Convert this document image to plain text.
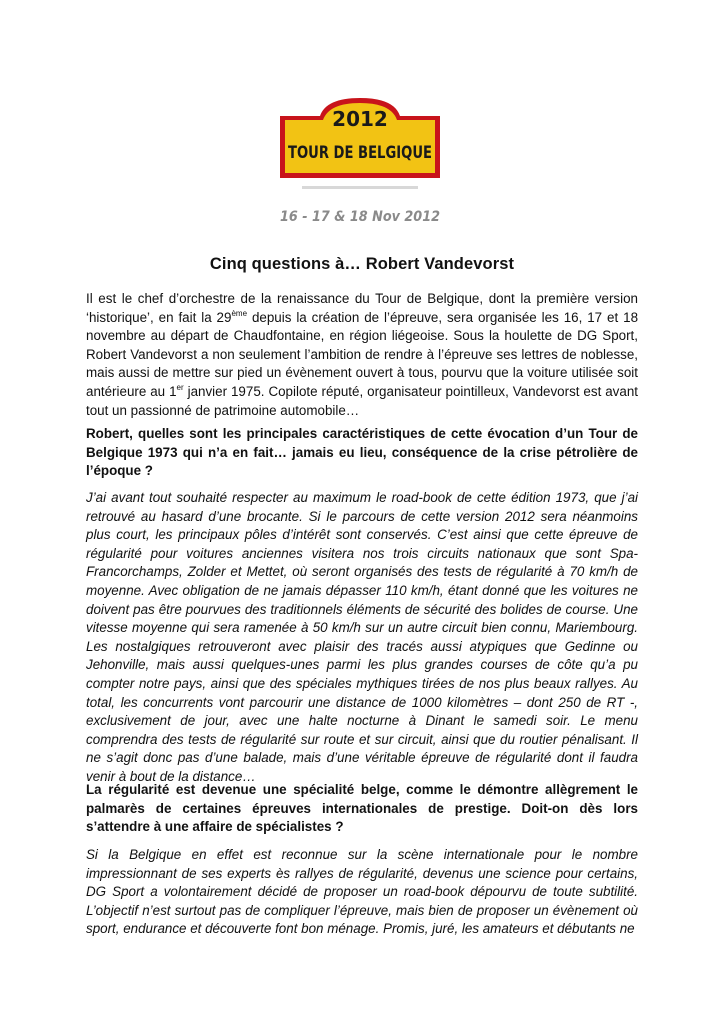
2012
TOUR DE BELGIQUE
16 - 17 & 18 Nov 2012
Cinq questions à… Robert Vandevorst

Il est le chef d’orchestre de la renaissance du Tour de Belgique, dont la première version ‘historique’, en fait la 29ème depuis la création de l’épreuve, sera organisée les 16, 17 et 18 novembre au départ de Chaudfontaine, en région liégeoise. Sous la houlette de DG Sport, Robert Vandevorst a non seulement l’ambition de rendre à l’épreuve ses lettres de noblesse, mais aussi de mettre sur pied un évènement ouvert à tous, pourvu que la voiture utilisée soit antérieure au 1er janvier 1975. Copilote réputé, organisateur pointilleux, Vandevorst est avant tout un passionné de patrimoine automobile…

Robert, quelles sont les principales caractéristiques de cette évocation d’un Tour de Belgique 1973 qui n’a en fait… jamais eu lieu, conséquence de la crise pétrolière de l’époque ?

J’ai avant tout souhaité respecter au maximum le road-book de cette édition 1973, que j’ai retrouvé au hasard d’une brocante. Si le parcours de cette version 2012 sera néanmoins plus court, les principaux pôles d’intérêt sont conservés. C’est ainsi que cette épreuve de régularité pour voitures anciennes visitera nos trois circuits nationaux que sont Spa-Francorchamps, Zolder et Mettet, où seront organisés des tests de régularité à 70 km/h de moyenne. Avec obligation de ne jamais dépasser 110 km/h, étant donné que les voitures ne doivent pas être pourvues des traditionnels éléments de sécurité des bolides de course. Une vitesse moyenne qui sera ramenée à 50 km/h sur un autre circuit bien connu, Mariembourg. Les nostalgiques retrouveront avec plaisir des tracés aussi atypiques que Gedinne ou Jehonville, mais aussi quelques-unes parmi les plus grandes courses de côte qu’a pu compter notre pays, ainsi que des spéciales mythiques tirées de nos plus beaux rallyes. Au total, les concurrents vont parcourir une distance de 1000 kilomètres – dont 250 de RT -, exclusivement de jour, avec une halte nocturne à Dinant le samedi soir. Le menu comprendra des tests de régularité sur route et sur circuit, ainsi que du routier pénalisant. Il ne s’agit donc pas d’une balade, mais d’une véritable épreuve de régularité dont il faudra venir à bout de la distance…

La régularité est devenue une spécialité belge, comme le démontre allègrement le palmarès de certaines épreuves internationales de prestige. Doit-on dès lors s’attendre à une affaire de spécialistes ?

Si la Belgique en effet est reconnue sur la scène internationale pour le nombre impressionnant de ses experts ès rallyes de régularité, devenus une science pour certains, DG Sport a volontairement décidé de proposer un road-book dépourvu de toute subtilité. L’objectif n’est surtout pas de compliquer l’épreuve, mais bien de proposer un évènement où sport, endurance et découverte font bon ménage. Promis, juré, les amateurs et débutants ne
